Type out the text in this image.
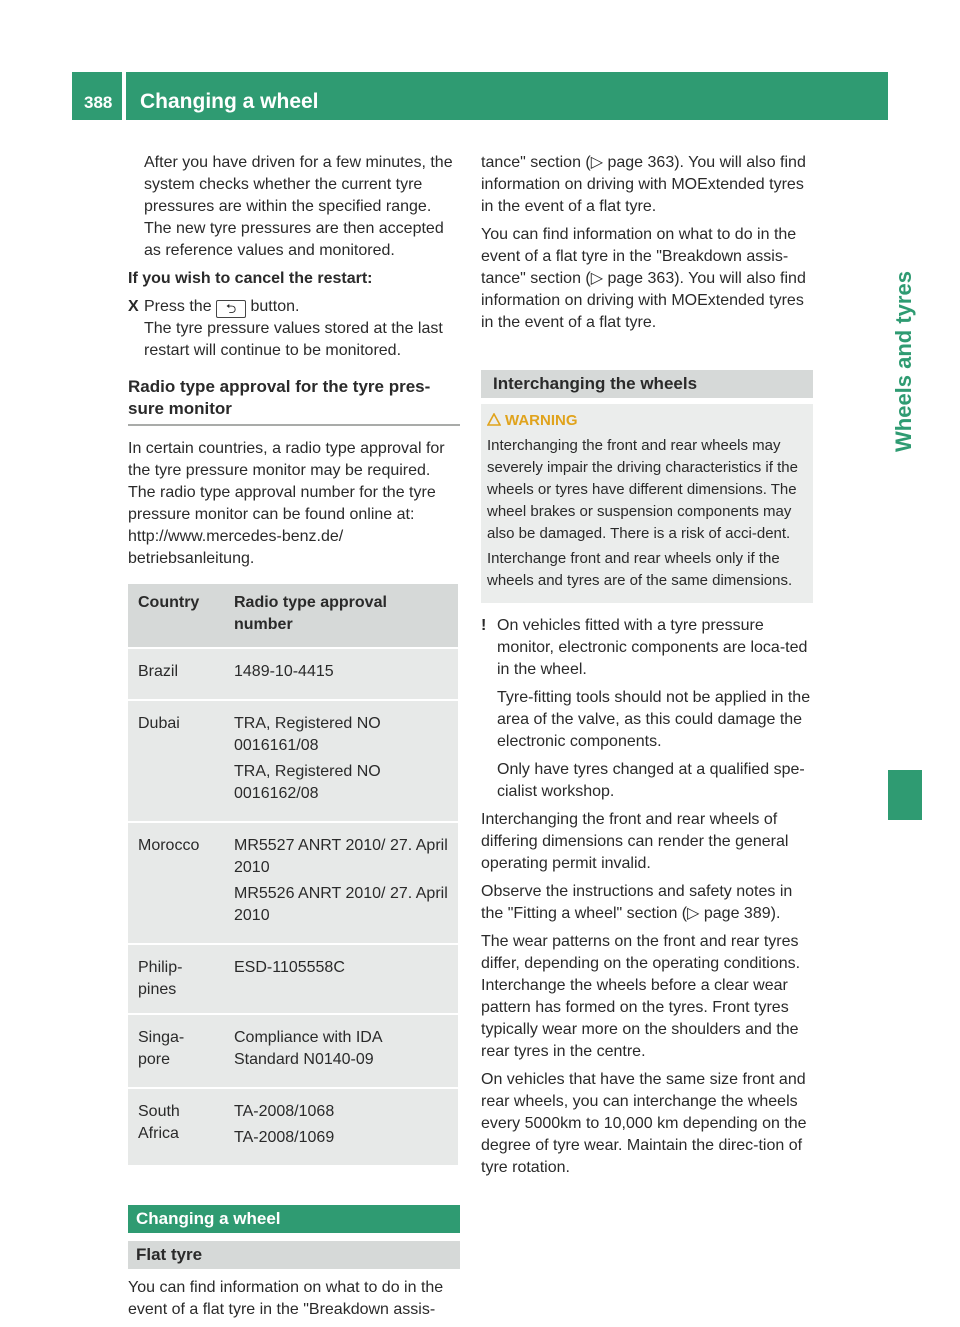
388	Changing a wheel
Wheels and tyres

After you have driven for a few minutes, the system checks whether the current tyre pressures are within the specified range. The new tyre pressures are then accepted as reference values and monitored.

If you wish to cancel the restart:

X Press the ⮌ button.
The tyre pressure values stored at the last restart will continue to be monitored.
Radio type approval for the tyre pres-sure monitor

In certain countries, a radio type approval for the tyre pressure monitor may be required. The radio type approval number for the tyre pressure monitor can be found online at: http://www.mercedes-benz.de/ betriebsanleitung.

Country	Radio type approval number
Brazil	1489-10-4415

Dubai	TRA, Registered NO 0016161/08

TRA, Registered NO 0016162/08

Morocco	MR5527 ANRT 2010/ 27. April 2010

MR5526 ANRT 2010/ 27. April 2010

Philip-pines	ESD-1105558C

Singa-pore	Compliance with IDA Standard N0140-09

South Africa	TA-2008/1068

TA-2008/1069

Changing a wheel
Flat tyre

You can find information on what to do in the event of a flat tyre in the "Breakdown assis-

tance" section (▷ page 363). You will also find information on driving with MOExtended tyres in the event of a flat tyre.

You can find information on what to do in the event of a flat tyre in the "Breakdown assis-tance" section (▷ page 363). You will also find information on driving with MOExtended tyres in the event of a flat tyre.

Interchanging the wheels
WARNING

Interchanging the front and rear wheels may severely impair the driving characteristics if the wheels or tyres have different dimensions. The wheel brakes or suspension components may also be damaged. There is a risk of acci-dent.

Interchange front and rear wheels only if the wheels and tyres are of the same dimensions.

! On vehicles fitted with a tyre pressure monitor, electronic components are loca-ted in the wheel.

Tyre-fitting tools should not be applied in the area of the valve, as this could damage the electronic components.

Only have tyres changed at a qualified spe-cialist workshop.

Interchanging the front and rear wheels of differing dimensions can render the general operating permit invalid.

Observe the instructions and safety notes in the "Fitting a wheel" section (▷ page 389).

The wear patterns on the front and rear tyres differ, depending on the operating conditions. Interchange the wheels before a clear wear pattern has formed on the tyres. Front tyres typically wear more on the shoulders and the rear tyres in the centre.

On vehicles that have the same size front and rear wheels, you can interchange the wheels every 5000km to 10,000 km depending on the degree of tyre wear. Maintain the direc-tion of tyre rotation.
